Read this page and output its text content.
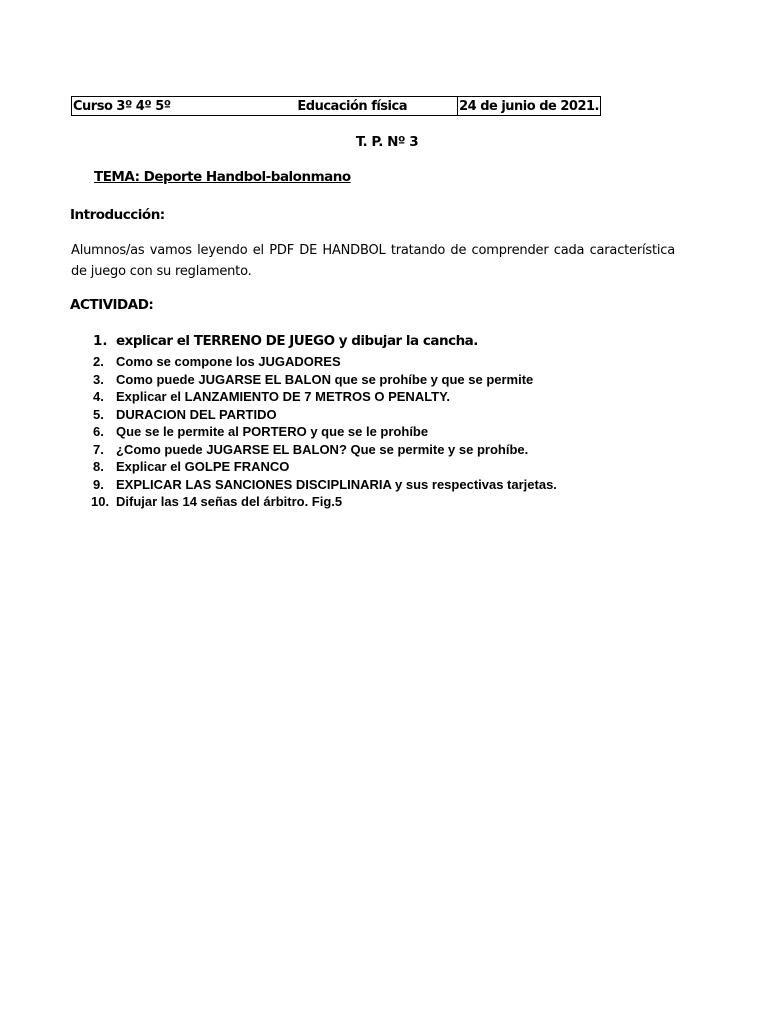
Curso 3º 4º 5º	Educación física	24 de junio de 2021.
T. P. Nº 3
TEMA: Deporte Handbol-balonmano
Introducción:
Alumnos/as vamos leyendo el PDF DE HANDBOL tratando de comprender cada característica de juego con su reglamento.
ACTIVIDAD:
1. explicar el TERRENO DE JUEGO y dibujar la cancha.
2. Como se compone los JUGADORES
3. Como puede JUGARSE EL BALON que se prohíbe y que se permite
4. Explicar el LANZAMIENTO DE 7 METROS O PENALTY.
5. DURACION DEL PARTIDO
6. Que se le permite al PORTERO y que se le prohíbe
7. ¿Como puede JUGARSE EL BALON? Que se permite y se prohíbe.
8. Explicar el GOLPE FRANCO
9. EXPLICAR LAS SANCIONES DISCIPLINARIA y sus respectivas tarjetas.
10. Difujar las 14 señas del árbitro. Fig.5
